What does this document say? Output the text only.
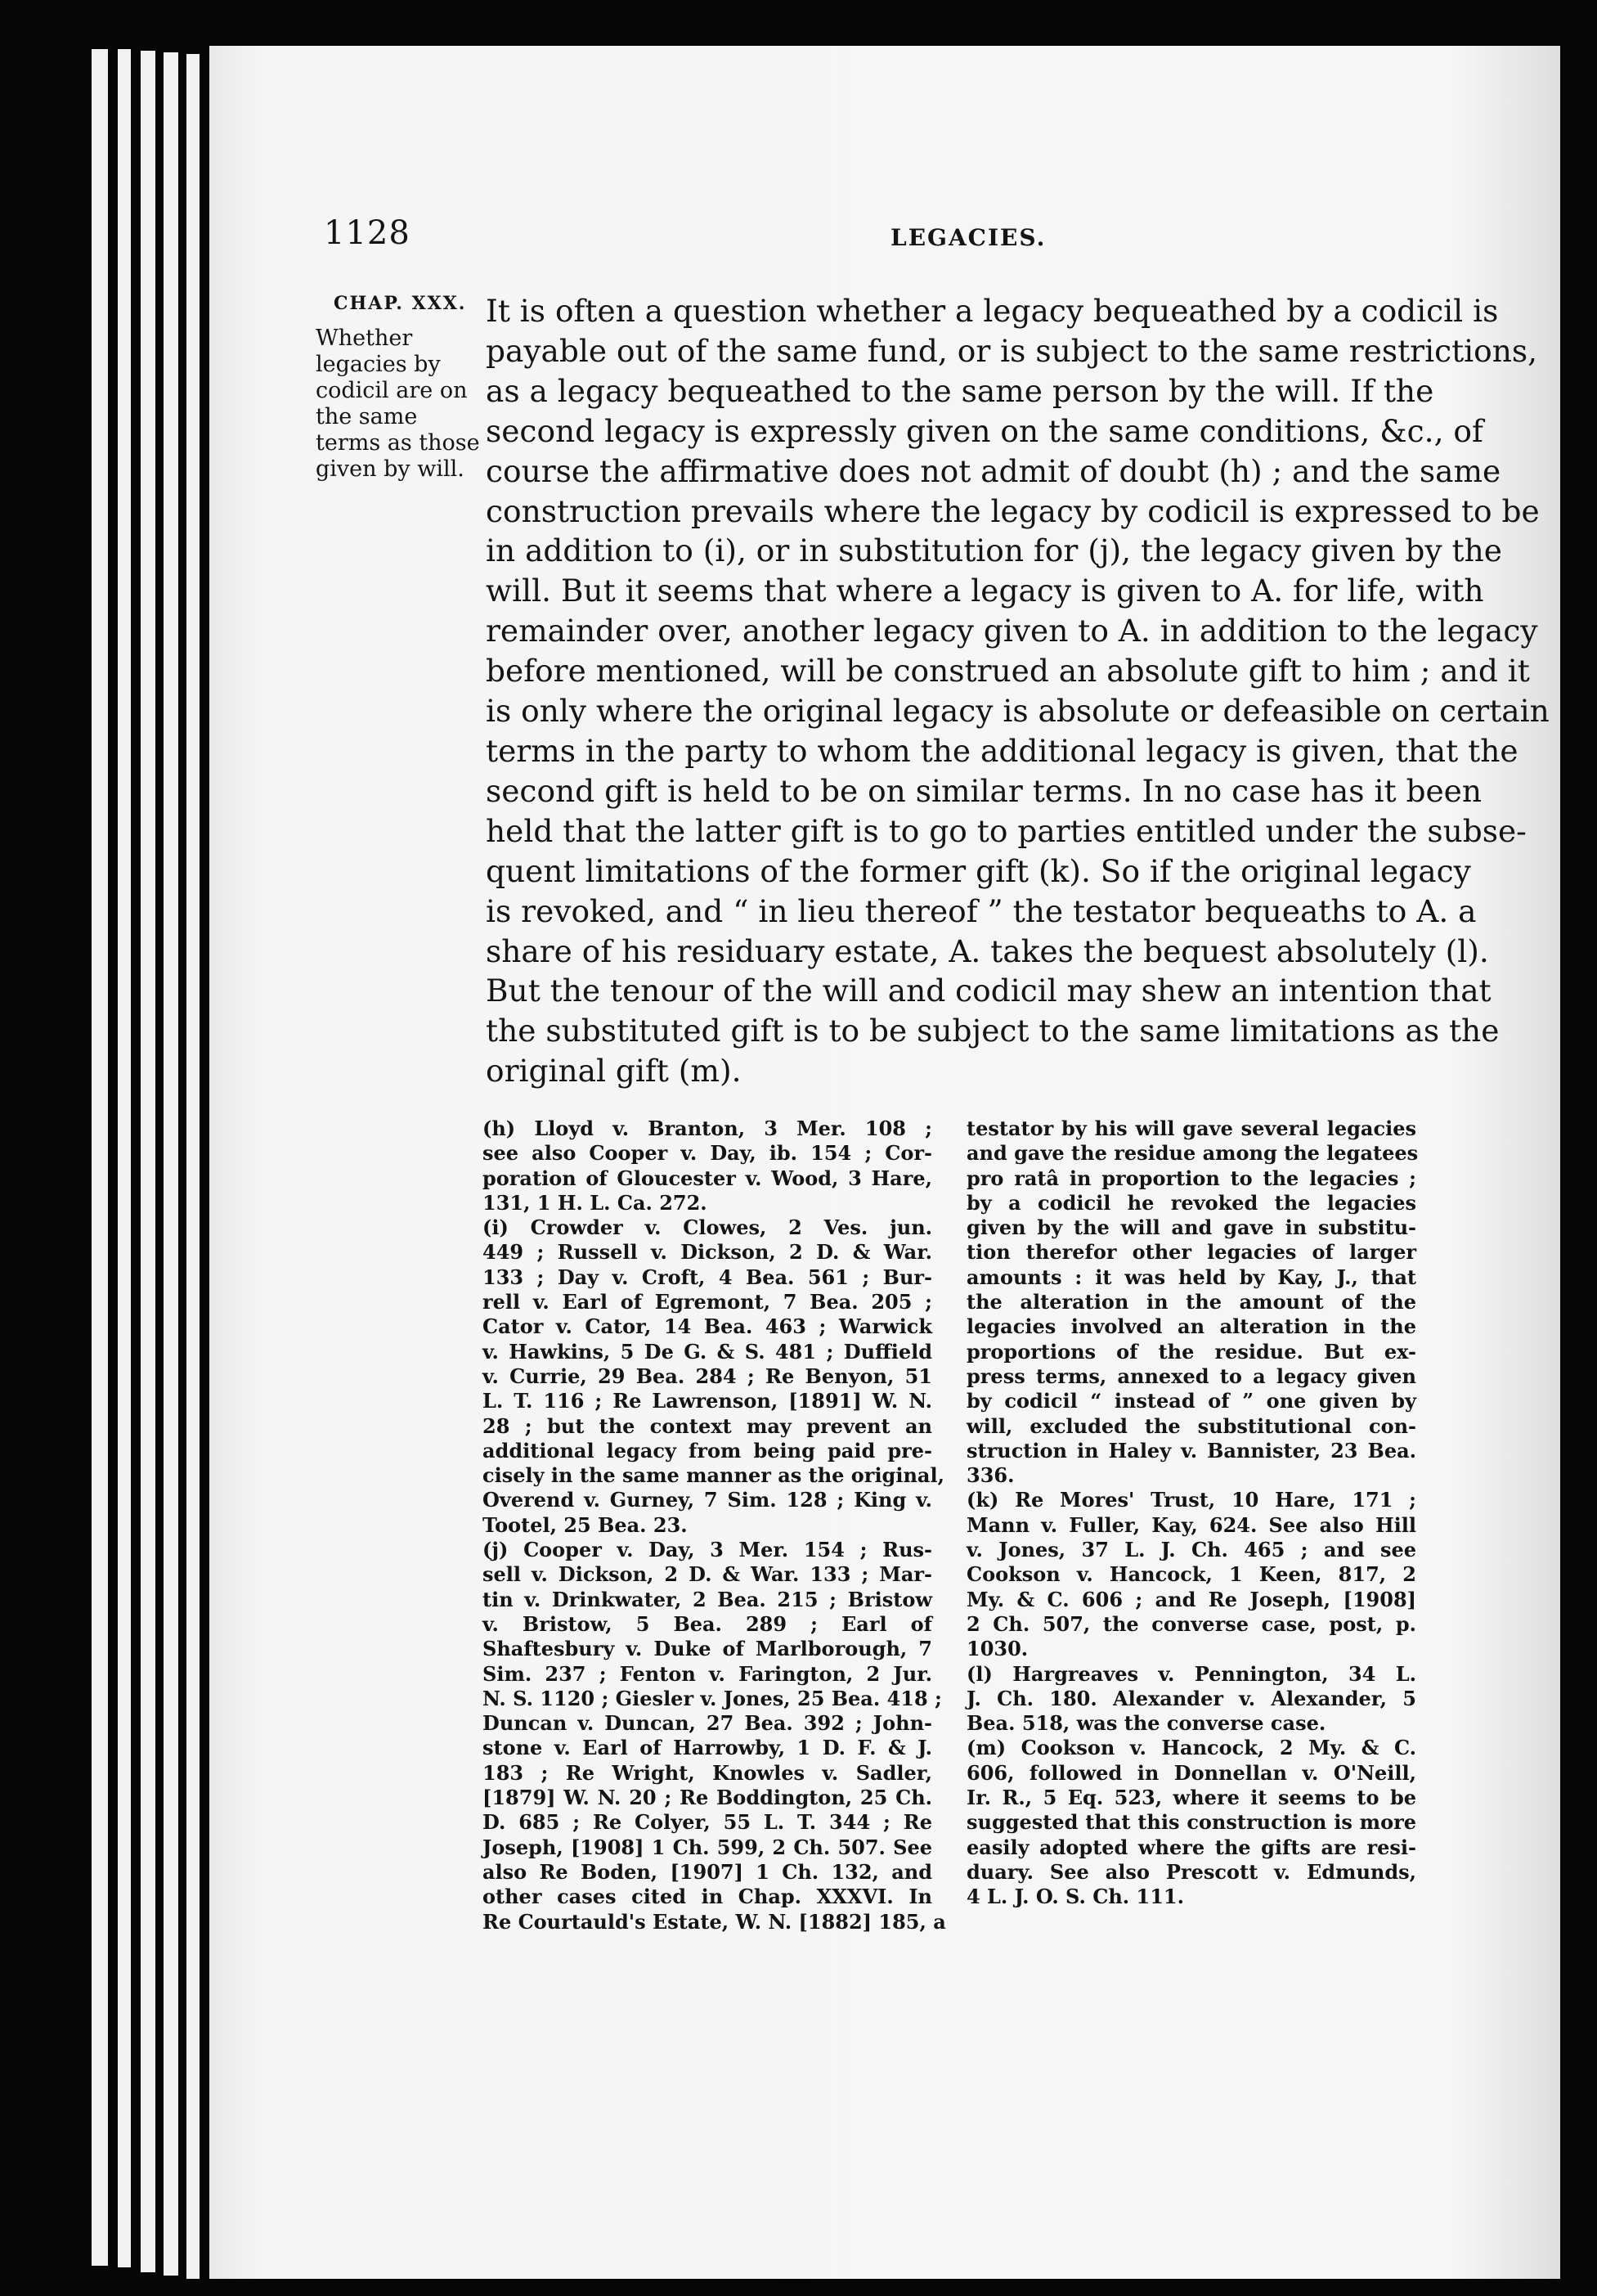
1128	LEGACIES.
CHAP. XXX.
Whether
legacies by
codicil are on
the same
terms as those
given by will.
It is often a question whether a legacy bequeathed by a codicil is
payable out of the same fund, or is subject to the same restrictions,
as a legacy bequeathed to the same person by the will. If the
second legacy is expressly given on the same conditions, &c., of
course the affirmative does not admit of doubt (h) ; and the same
construction prevails where the legacy by codicil is expressed to be
in addition to (i), or in substitution for (j), the legacy given by the
will. But it seems that where a legacy is given to A. for life, with
remainder over, another legacy given to A. in addition to the legacy
before mentioned, will be construed an absolute gift to him ; and it
is only where the original legacy is absolute or defeasible on certain
terms in the party to whom the additional legacy is given, that the
second gift is held to be on similar terms. In no case has it been
held that the latter gift is to go to parties entitled under the subse-
quent limitations of the former gift (k). So if the original legacy
is revoked, and “ in lieu thereof ” the testator bequeaths to A. a
share of his residuary estate, A. takes the bequest absolutely (l).
But the tenour of the will and codicil may shew an intention that
the substituted gift is to be subject to the same limitations as the
original gift (m).
(h) Lloyd v. Branton, 3 Mer. 108 ;
see also Cooper v. Day, ib. 154 ; Cor-
poration of Gloucester v. Wood, 3 Hare,
131, 1 H. L. Ca. 272.
(i) Crowder v. Clowes, 2 Ves. jun.
449 ; Russell v. Dickson, 2 D. & War.
133 ; Day v. Croft, 4 Bea. 561 ; Bur-
rell v. Earl of Egremont, 7 Bea. 205 ;
Cator v. Cator, 14 Bea. 463 ; Warwick
v. Hawkins, 5 De G. & S. 481 ; Duffield
v. Currie, 29 Bea. 284 ; Re Benyon, 51
L. T. 116 ; Re Lawrenson, [1891] W. N.
28 ; but the context may prevent an
additional legacy from being paid pre-
cisely in the same manner as the original,
Overend v. Gurney, 7 Sim. 128 ; King v.
Tootel, 25 Bea. 23.
(j) Cooper v. Day, 3 Mer. 154 ; Rus-
sell v. Dickson, 2 D. & War. 133 ; Mar-
tin v. Drinkwater, 2 Bea. 215 ; Bristow
v. Bristow, 5 Bea. 289 ; Earl of
Shaftesbury v. Duke of Marlborough, 7
Sim. 237 ; Fenton v. Farington, 2 Jur.
N. S. 1120 ; Giesler v. Jones, 25 Bea. 418 ;
Duncan v. Duncan, 27 Bea. 392 ; John-
stone v. Earl of Harrowby, 1 D. F. & J.
183 ; Re Wright, Knowles v. Sadler,
[1879] W. N. 20 ; Re Boddington, 25 Ch.
D. 685 ; Re Colyer, 55 L. T. 344 ; Re
Joseph, [1908] 1 Ch. 599, 2 Ch. 507. See
also Re Boden, [1907] 1 Ch. 132, and
other cases cited in Chap. XXXVI. In
Re Courtauld's Estate, W. N. [1882] 185, a
testator by his will gave several legacies
and gave the residue among the legatees
pro ratâ in proportion to the legacies ;
by a codicil he revoked the legacies
given by the will and gave in substitu-
tion therefor other legacies of larger
amounts : it was held by Kay, J., that
the alteration in the amount of the
legacies involved an alteration in the
proportions of the residue. But ex-
press terms, annexed to a legacy given
by codicil “ instead of ” one given by
will, excluded the substitutional con-
struction in Haley v. Bannister, 23 Bea.
336.
(k) Re Mores' Trust, 10 Hare, 171 ;
Mann v. Fuller, Kay, 624. See also Hill
v. Jones, 37 L. J. Ch. 465 ; and see
Cookson v. Hancock, 1 Keen, 817, 2
My. & C. 606 ; and Re Joseph, [1908]
2 Ch. 507, the converse case, post, p.
1030.
(l) Hargreaves v. Pennington, 34 L.
J. Ch. 180. Alexander v. Alexander, 5
Bea. 518, was the converse case.
(m) Cookson v. Hancock, 2 My. & C.
606, followed in Donnellan v. O'Neill,
Ir. R., 5 Eq. 523, where it seems to be
suggested that this construction is more
easily adopted where the gifts are resi-
duary. See also Prescott v. Edmunds,
4 L. J. O. S. Ch. 111.
